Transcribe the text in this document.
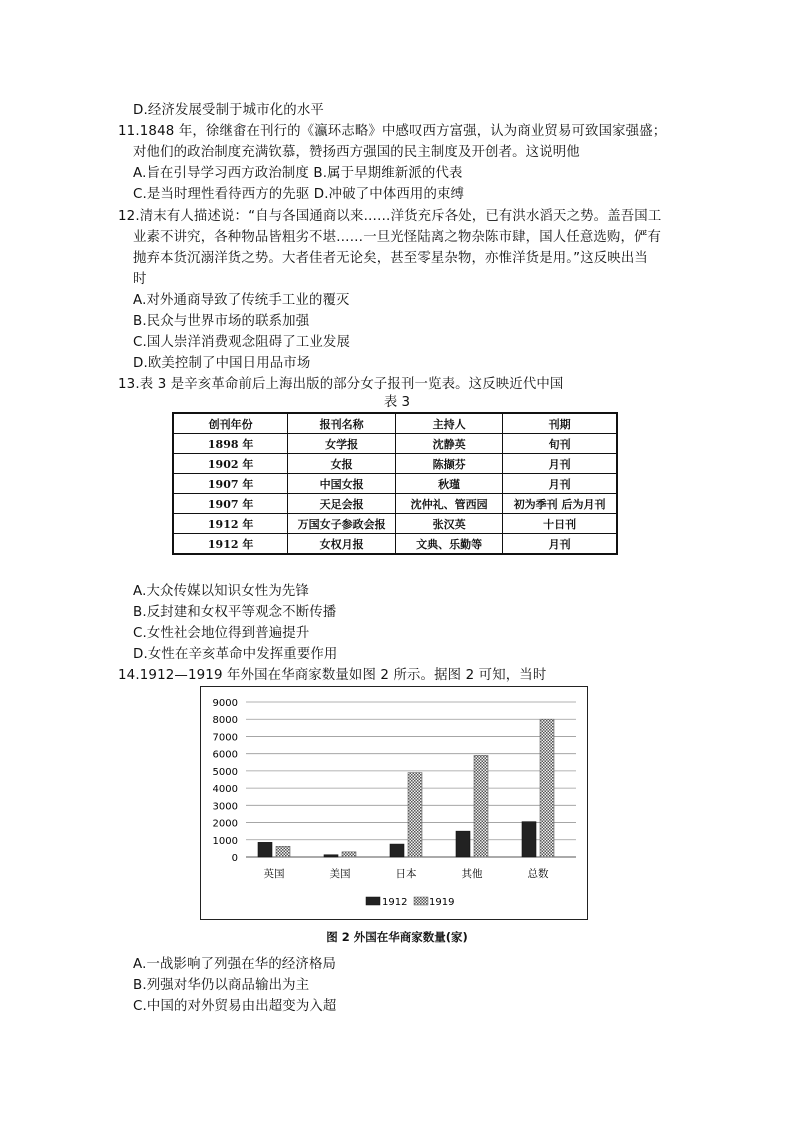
D.经济发展受制于城市化的水平
11.1848 年，徐继畬在刊行的《瀛环志略》中感叹西方富强，认为商业贸易可致国家强盛；
对他们的政治制度充满钦慕，赞扬西方强国的民主制度及开创者。这说明他
A.旨在引导学习西方政治制度 B.属于早期维新派的代表
C.是当时理性看待西方的先驱 D.冲破了中体西用的束缚
12.清末有人描述说：“自与各国通商以来……洋货充斥各处，已有洪水滔天之势。盖吾国工
业素不讲究，各种物品皆粗劣不堪……一旦光怪陆离之物杂陈市肆，国人任意选购，俨有
抛弃本货沉溺洋货之势。大者佳者无论矣，甚至零星杂物，亦惟洋货是用。”这反映出当
时
A.对外通商导致了传统手工业的覆灭
B.民众与世界市场的联系加强
C.国人崇洋消费观念阻碍了工业发展
D.欧美控制了中国日用品市场
13.表 3 是辛亥革命前后上海出版的部分女子报刊一览表。这反映近代中国
A.大众传媒以知识女性为先锋
B.反封建和女权平等观念不断传播
C.女性社会地位得到普遍提升
D.女性在辛亥革命中发挥重要作用
14.1912—1919 年外国在华商家数量如图 2 所示。据图 2 可知，当时
A.一战影响了列强在华的经济格局
B.列强对华仍以商品输出为主
C.中国的对外贸易由出超变为入超
表 3
创刊年份	报刊名称	主持人	刊期
1898 年	女学报	沈静英	旬刊
1902 年	女报	陈撷芬	月刊
1907 年	中国女报	秋瑾	月刊
1907 年	天足会报	沈仲礼、管西园	初为季刊 后为月刊
1912 年	万国女子参政会报	张汉英	十日刊
1912 年	女权月报	文典、乐勤等	月刊
0
1000
2000
3000
4000
5000
6000
7000
8000
9000
英国	美国	日本	其他	总数
1912 1919
图 2 外国在华商家数量(家)
